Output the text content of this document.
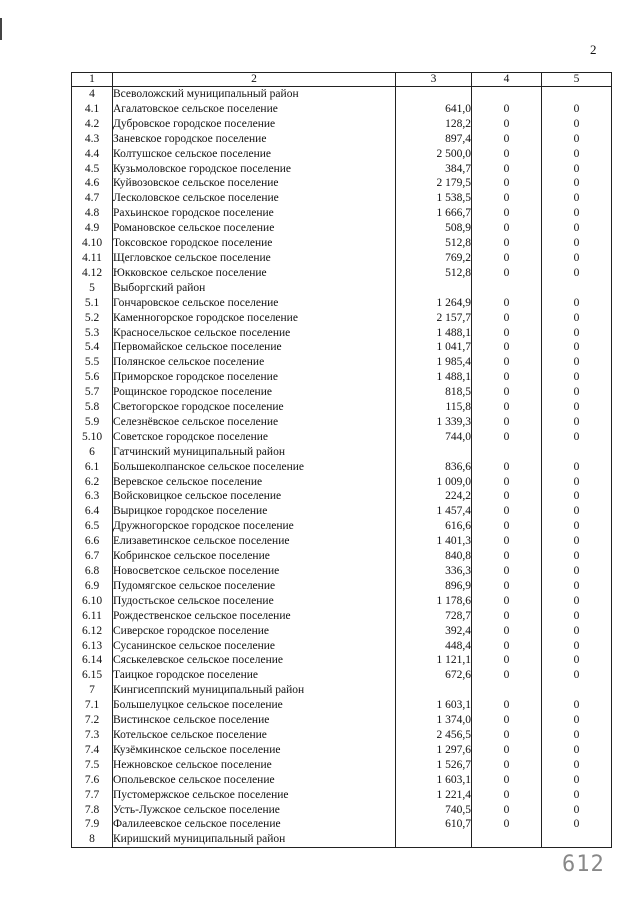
2
1	2	3	4	5
4	Всеволожский муниципальный район			
4.1	Агалатовское сельское поселение	641,0	0	0
4.2	Дубровское городское поселение	128,2	0	0
4.3	Заневское городское поселение	897,4	0	0
4.4	Колтушское сельское поселение	2 500,0	0	0
4.5	Кузьмоловское городское поселение	384,7	0	0
4.6	Куйвозовское сельское поселение	2 179,5	0	0
4.7	Лесколовское сельское поселение	1 538,5	0	0
4.8	Рахьинское городское поселение	1 666,7	0	0
4.9	Романовское сельское поселение	508,9	0	0
4.10	Токсовское городское поселение	512,8	0	0
4.11	Щегловское сельское поселение	769,2	0	0
4.12	Юкковское сельское поселение	512,8	0	0
5	Выборгский район			
5.1	Гончаровское сельское поселение	1 264,9	0	0
5.2	Каменногорское городское поселение	2 157,7	0	0
5.3	Красносельское сельское поселение	1 488,1	0	0
5.4	Первомайское сельское поселение	1 041,7	0	0
5.5	Полянское сельское поселение	1 985,4	0	0
5.6	Приморское городское поселение	1 488,1	0	0
5.7	Рощинское городское поселение	818,5	0	0
5.8	Светогорское городское поселение	115,8	0	0
5.9	Селезнёвское сельское поселение	1 339,3	0	0
5.10	Советское городское поселение	744,0	0	0
6	Гатчинский муниципальный район			
6.1	Большеколпанское сельское поселение	836,6	0	0
6.2	Веревское сельское поселение	1 009,0	0	0
6.3	Войсковицкое сельское поселение	224,2	0	0
6.4	Вырицкое городское поселение	1 457,4	0	0
6.5	Дружногорское городское поселение	616,6	0	0
6.6	Елизаветинское сельское поселение	1 401,3	0	0
6.7	Кобринское сельское поселение	840,8	0	0
6.8	Новосветское сельское поселение	336,3	0	0
6.9	Пудомягское сельское поселение	896,9	0	0
6.10	Пудостьское сельское поселение	1 178,6	0	0
6.11	Рождественское сельское поселение	728,7	0	0
6.12	Сиверское городское поселение	392,4	0	0
6.13	Сусанинское сельское поселение	448,4	0	0
6.14	Сяськелевское сельское поселение	1 121,1	0	0
6.15	Таицкое городское поселение	672,6	0	0
7	Кингисеппский муниципальный район			
7.1	Большелуцкое сельское поселение	1 603,1	0	0
7.2	Вистинское сельское поселение	1 374,0	0	0
7.3	Котельское сельское поселение	2 456,5	0	0
7.4	Кузёмкинское сельское поселение	1 297,6	0	0
7.5	Нежновское сельское поселение	1 526,7	0	0
7.6	Опольевское сельское поселение	1 603,1	0	0
7.7	Пустомержское сельское поселение	1 221,4	0	0
7.8	Усть-Лужское сельское поселение	740,5	0	0
7.9	Фалилеевское сельское поселение	610,7	0	0
8	Киришский муниципальный район			
612
